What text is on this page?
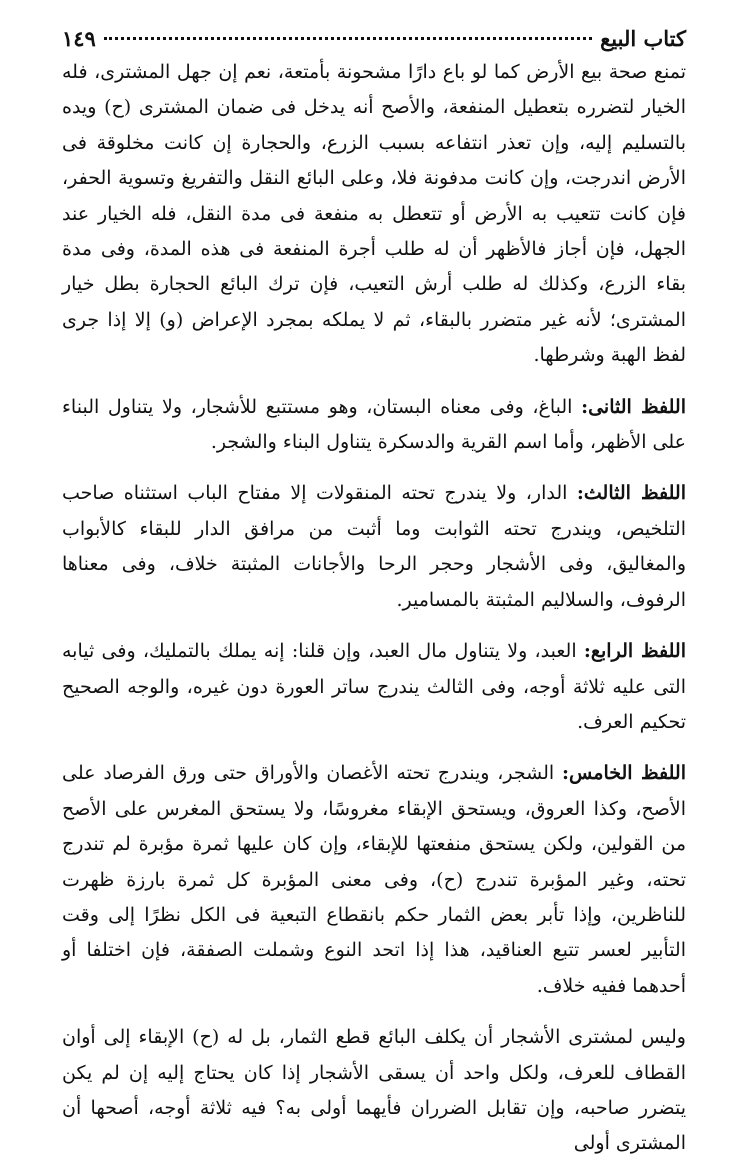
كتاب البيع
١٤٩

تمنع صحة بيع الأرض كما لو باع دارًا مشحونة بأمتعة، نعم إن جهل المشترى، فله الخيار لتضرره بتعطيل المنفعة، والأصح أنه يدخل فى ضمان المشترى (ح) ويده بالتسليم إليه، وإن تعذر انتفاعه بسبب الزرع، والحجارة إن كانت مخلوقة فى الأرض اندرجت، وإن كانت مدفونة فلا، وعلى البائع النقل والتفريغ وتسوية الحفر، فإن كانت تتعيب به الأرض أو تتعطل به منفعة فى مدة النقل، فله الخيار عند الجهل، فإن أجاز فالأظهر أن له طلب أجرة المنفعة فى هذه المدة، وفى مدة بقاء الزرع، وكذلك له طلب أرش التعيب، فإن ترك البائع الحجارة بطل خيار المشترى؛ لأنه غير متضرر بالبقاء، ثم لا يملكه بمجرد الإعراض (و) إلا إذا جرى لفظ الهبة وشرطها.

اللفظ الثانى: الباغ، وفى معناه البستان، وهو مستتبع للأشجار، ولا يتناول البناء على الأظهر، وأما اسم القرية والدسكرة يتناول البناء والشجر.

اللفظ الثالث: الدار، ولا يندرج تحته المنقولات إلا مفتاح الباب استثناه صاحب التلخيص، ويندرج تحته الثوابت وما أثبت من مرافق الدار للبقاء كالأبواب والمغاليق، وفى الأشجار وحجر الرحا والأجانات المثبتة خلاف، وفى معناها الرفوف، والسلاليم المثبتة بالمسامير.

اللفظ الرابع: العبد، ولا يتناول مال العبد، وإن قلنا: إنه يملك بالتمليك، وفى ثيابه التى عليه ثلاثة أوجه، وفى الثالث يندرج ساتر العورة دون غيره، والوجه الصحيح تحكيم العرف.

اللفظ الخامس: الشجر، ويندرج تحته الأغصان والأوراق حتى ورق الفرصاد على الأصح، وكذا العروق، ويستحق الإبقاء مغروسًا، ولا يستحق المغرس على الأصح من القولين، ولكن يستحق منفعتها للإبقاء، وإن كان عليها ثمرة مؤبرة لم تندرج تحته، وغير المؤبرة تندرج (ح)، وفى معنى المؤبرة كل ثمرة بارزة ظهرت للناظرين، وإذا تأبر بعض الثمار حكم بانقطاع التبعية فى الكل نظرًا إلى وقت التأبير لعسر تتبع العناقيد، هذا إذا اتحد النوع وشملت الصفقة، فإن اختلفا أو أحدهما ففيه خلاف.

وليس لمشترى الأشجار أن يكلف البائع قطع الثمار، بل له (ح) الإبقاء إلى أوان القطاف للعرف، ولكل واحد أن يسقى الأشجار إذا كان يحتاج إليه إن لم يكن يتضرر صاحبه، وإن تقابل الضرران فأيهما أولى به؟ فيه ثلاثة أوجه، أصحها أن المشترى أولى
